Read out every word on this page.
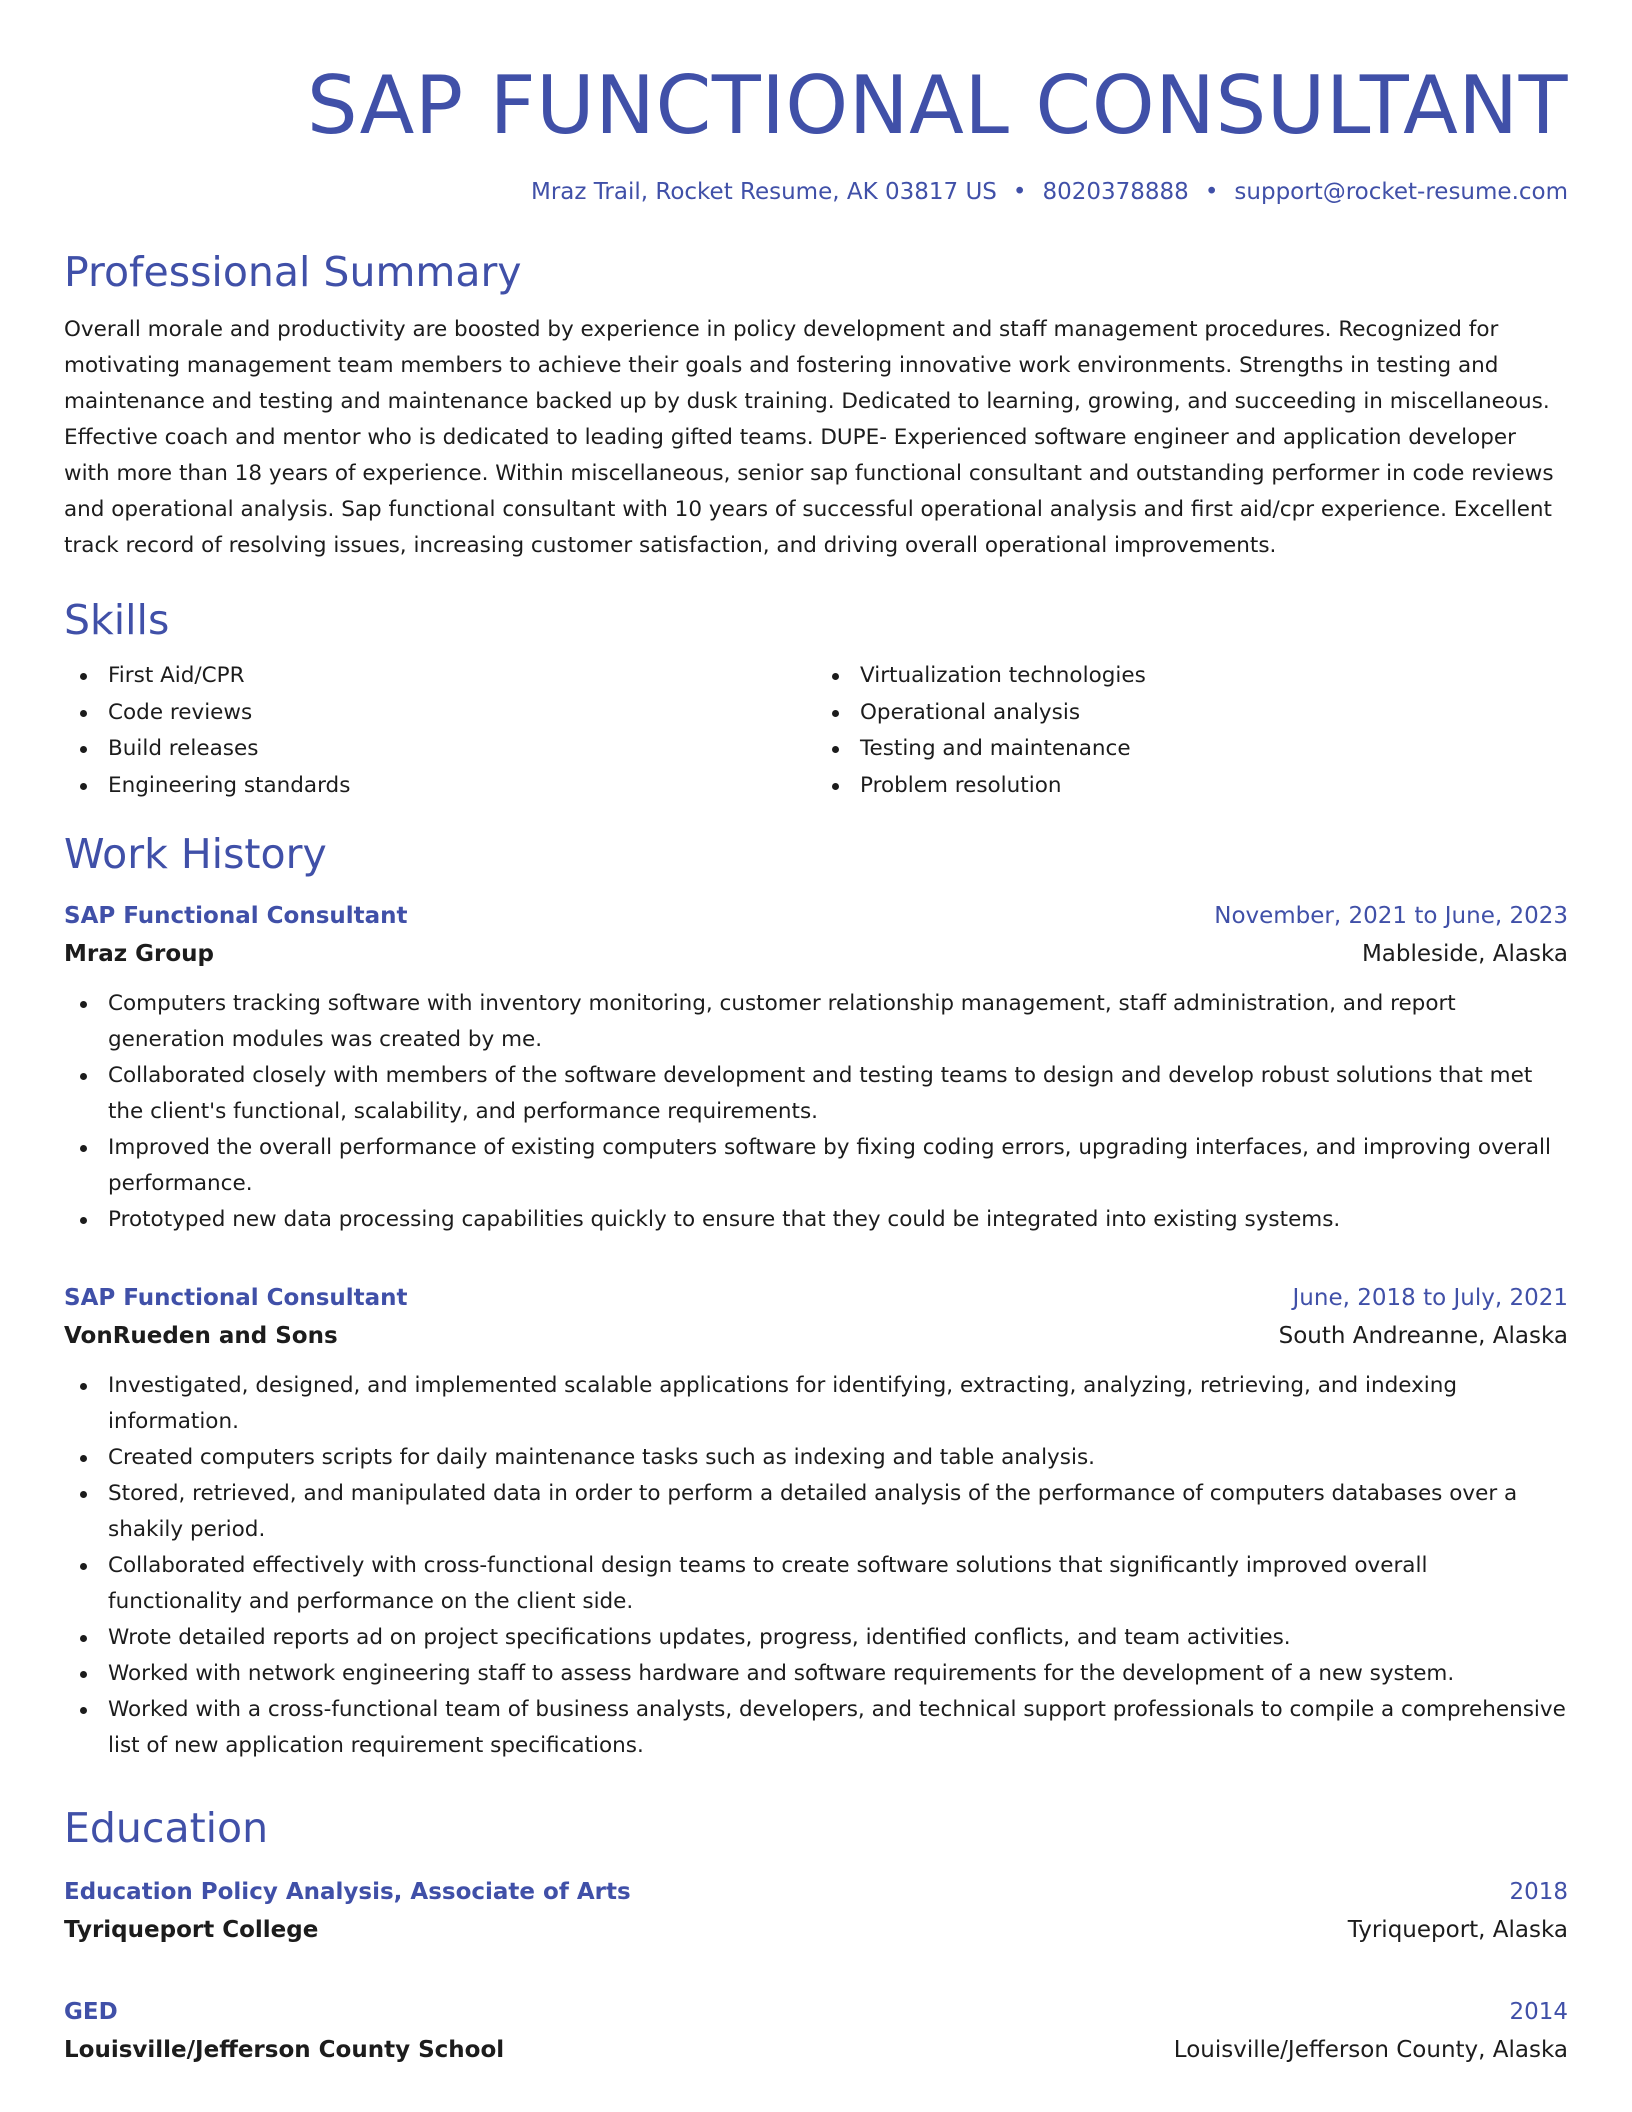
SAP FUNCTIONAL CONSULTANT
Mraz Trail, Rocket Resume, AK 03817 US • 8020378888 • support@rocket-resume.com
Professional Summary
Overall morale and productivity are boosted by experience in policy development and staff management procedures. Recognized for motivating management team members to achieve their goals and fostering innovative work environments. Strengths in testing and maintenance and testing and maintenance backed up by dusk training. Dedicated to learning, growing, and succeeding in miscellaneous. Effective coach and mentor who is dedicated to leading gifted teams. DUPE- Experienced software engineer and application developer with more than 18 years of experience. Within miscellaneous, senior sap functional consultant and outstanding performer in code reviews and operational analysis. Sap functional consultant with 10 years of successful operational analysis and first aid/cpr experience. Excellent track record of resolving issues, increasing customer satisfaction, and driving overall operational improvements.
Skills
First Aid/CPR
Code reviews
Build releases
Engineering standards
Virtualization technologies
Operational analysis
Testing and maintenance
Problem resolution
Work History
SAP Functional Consultant	November, 2021 to June, 2023
Mraz Group	Mableside, Alaska
Computers tracking software with inventory monitoring, customer relationship management, staff administration, and report generation modules was created by me.
Collaborated closely with members of the software development and testing teams to design and develop robust solutions that met the client's functional, scalability, and performance requirements.
Improved the overall performance of existing computers software by fixing coding errors, upgrading interfaces, and improving overall performance.
Prototyped new data processing capabilities quickly to ensure that they could be integrated into existing systems.
SAP Functional Consultant	June, 2018 to July, 2021
VonRueden and Sons	South Andreanne, Alaska
Investigated, designed, and implemented scalable applications for identifying, extracting, analyzing, retrieving, and indexing information.
Created computers scripts for daily maintenance tasks such as indexing and table analysis.
Stored, retrieved, and manipulated data in order to perform a detailed analysis of the performance of computers databases over a shakily period.
Collaborated effectively with cross-functional design teams to create software solutions that significantly improved overall functionality and performance on the client side.
Wrote detailed reports ad on project specifications updates, progress, identified conflicts, and team activities.
Worked with network engineering staff to assess hardware and software requirements for the development of a new system.
Worked with a cross-functional team of business analysts, developers, and technical support professionals to compile a comprehensive list of new application requirement specifications.
Education
Education Policy Analysis, Associate of Arts	2018
Tyriqueport College	Tyriqueport, Alaska
GED	2014
Louisville/Jefferson County School	Louisville/Jefferson County, Alaska
